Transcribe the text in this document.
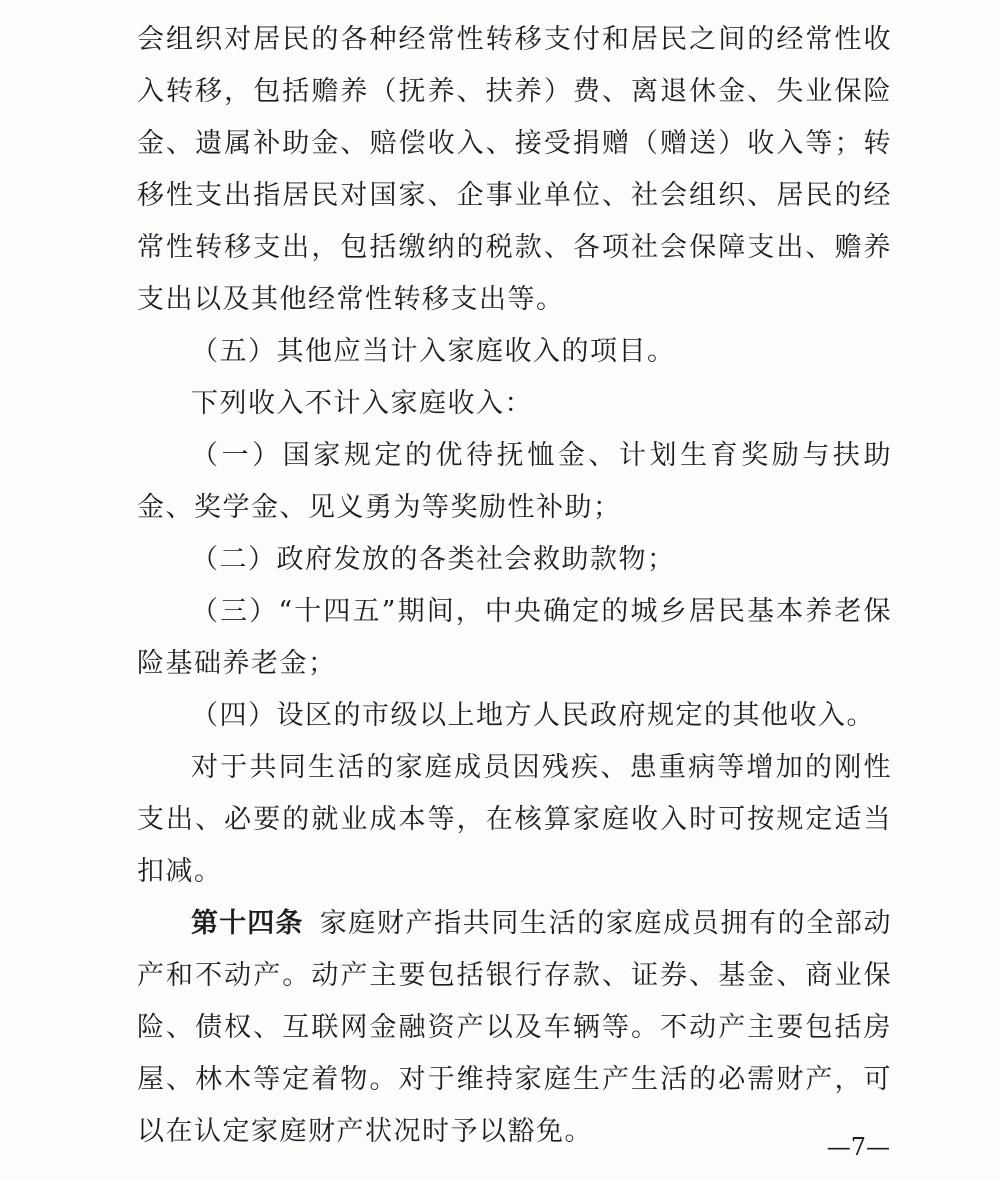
会组织对居民的各种经常性转移支付和居民之间的经常性收入转移，包括赡养（抚养、扶养）费、离退休金、失业保险金、遗属补助金、赔偿收入、接受捐赠（赠送）收入等；转移性支出指居民对国家、企事业单位、社会组织、居民的经常性转移支出，包括缴纳的税款、各项社会保障支出、赡养支出以及其他经常性转移支出等。

（五）其他应当计入家庭收入的项目。

下列收入不计入家庭收入：

（一）国家规定的优待抚恤金、计划生育奖励与扶助金、奖学金、见义勇为等奖励性补助；

（二）政府发放的各类社会救助款物；

（三）“十四五”期间，中央确定的城乡居民基本养老保险基础养老金；

（四）设区的市级以上地方人民政府规定的其他收入。

对于共同生活的家庭成员因残疾、患重病等增加的刚性支出、必要的就业成本等，在核算家庭收入时可按规定适当扣减。

第十四条 家庭财产指共同生活的家庭成员拥有的全部动产和不动产。动产主要包括银行存款、证券、基金、商业保险、债权、互联网金融资产以及车辆等。不动产主要包括房屋、林木等定着物。对于维持家庭生产生活的必需财产，可以在认定家庭财产状况时予以豁免。	—7—
